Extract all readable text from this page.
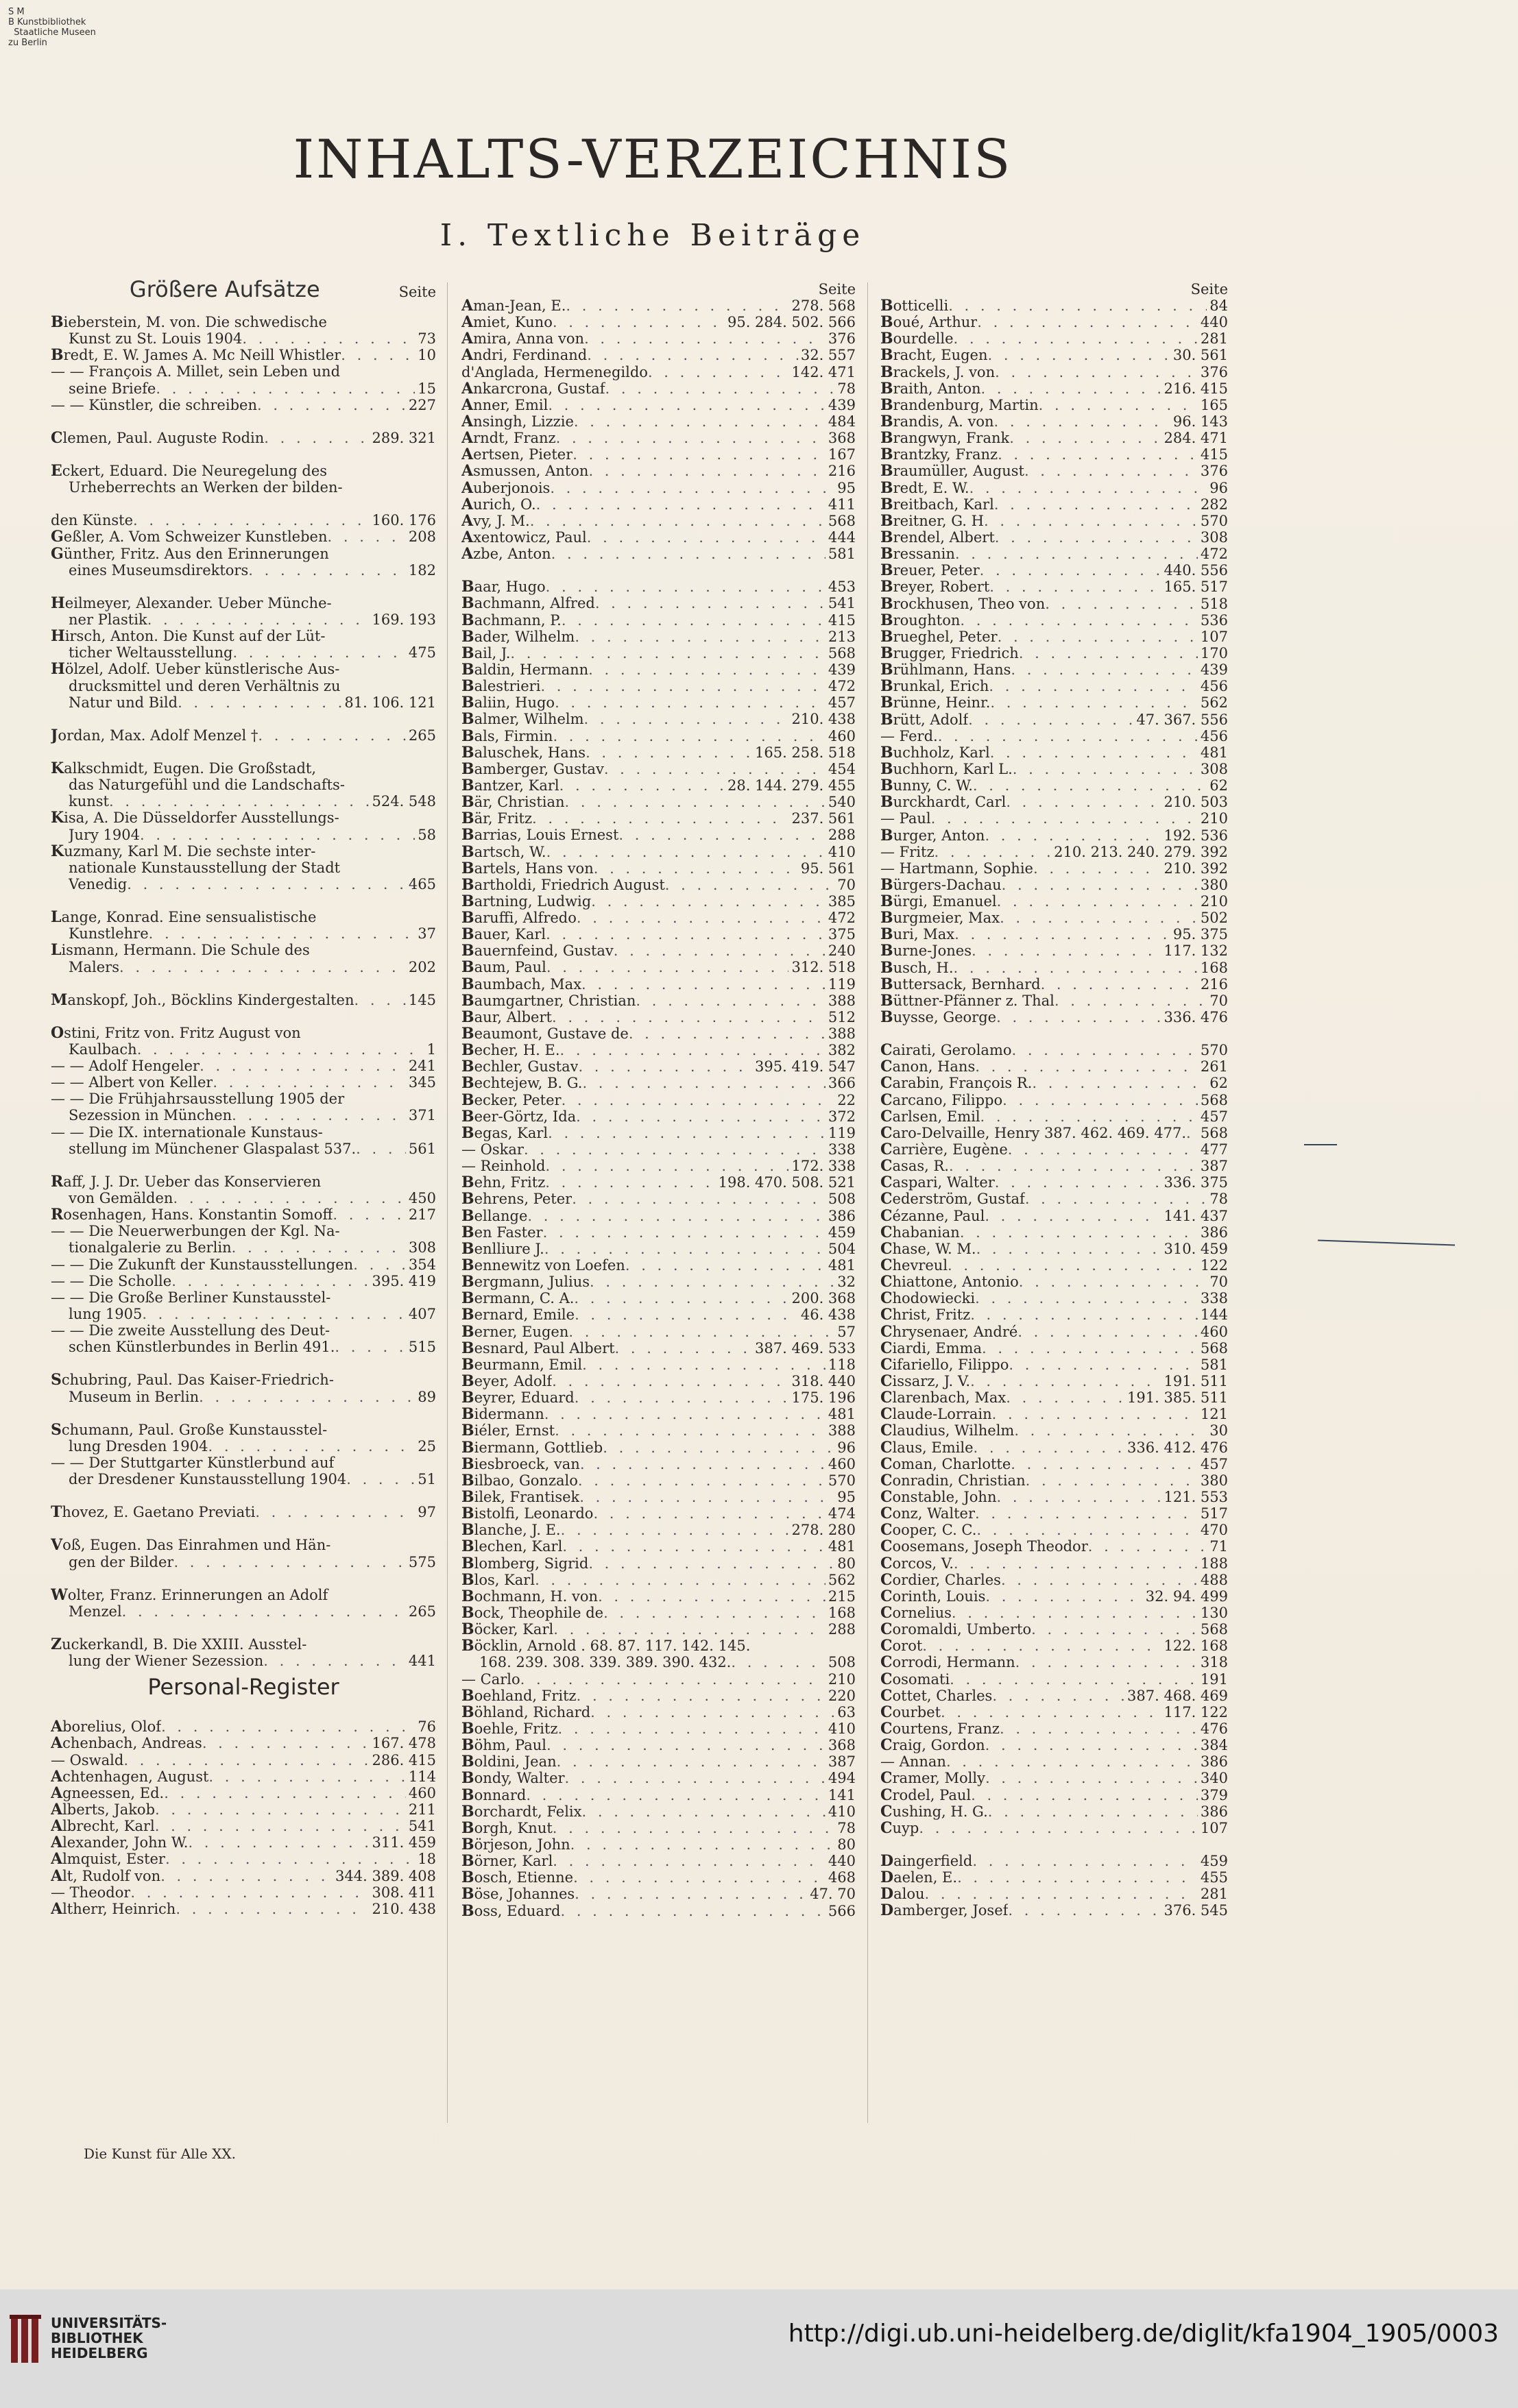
S M
B Kunstbibliothek
Staatliche Museen
zu Berlin
INHALTS-VERZEICHNIS
I. Textliche Beiträge
Größere Aufsätze	Seite
Bieberstein, M. von. Die schwedische
Kunst zu St. Louis 1904 . . .	73
Bredt, E. W. James A. Mc Neill Whistler . . .	10
— — François A. Millet, sein Leben und
seine Briefe . . .	15
— — Künstler, die schreiben . . .	227
Clemen, Paul. Auguste Rodin . . .	289. 321
Eckert, Eduard. Die Neuregelung des
Urheberrechts an Werken der bilden-
den Künste . . .	160. 176
Geßler, A. Vom Schweizer Kunstleben . . .	208
Günther, Fritz. Aus den Erinnerungen
eines Museumsdirektors . . .	182
Heilmeyer, Alexander. Ueber Münche-
ner Plastik . . .	169. 193
Hirsch, Anton. Die Kunst auf der Lüt-
ticher Weltausstellung . . .	475
Hölzel, Adolf. Ueber künstlerische Aus-
drucksmittel und deren Verhältnis zu
Natur und Bild . . .	81. 106. 121
Jordan, Max. Adolf Menzel † . . .	265
Kalkschmidt, Eugen. Die Großstadt,
das Naturgefühl und die Landschafts-
kunst . . .	524. 548
Kisa, A. Die Düsseldorfer Ausstellungs-
Jury 1904 . . .	58
Kuzmany, Karl M. Die sechste inter-
nationale Kunstausstellung der Stadt
Venedig . . .	465
Lange, Konrad. Eine sensualistische
Kunstlehre . . .	37
Lismann, Hermann. Die Schule des
Malers . . .	202
Manskopf, Joh., Böcklins Kindergestalten . . .	145
Ostini, Fritz von. Fritz August von
Kaulbach . . .	1
— — Adolf Hengeler . . .	241
— — Albert von Keller . . .	345
— — Die Frühjahrsausstellung 1905 der
Sezession in München . . .	371
— — Die IX. internationale Kunstaus-
stellung im Münchener Glaspalast 537. . . .	561
Raff, J. J. Dr. Ueber das Konservieren
von Gemälden . . .	450
Rosenhagen, Hans. Konstantin Somoff . . .	217
— — Die Neuerwerbungen der Kgl. Na-
tionalgalerie zu Berlin . . .	308
— — Die Zukunft der Kunstausstellungen . . .	354
— — Die Scholle . . .	395. 419
— — Die Große Berliner Kunstausstel-
lung 1905 . . .	407
— — Die zweite Ausstellung des Deut-
schen Künstlerbundes in Berlin 491. . . .	515
Schubring, Paul. Das Kaiser-Friedrich-
Museum in Berlin . . .	89
Schumann, Paul. Große Kunstausstel-
lung Dresden 1904 . . .	25
— — Der Stuttgarter Künstlerbund auf
der Dresdener Kunstausstellung 1904 . . .	51
Thovez, E. Gaetano Previati . . .	97
Voß, Eugen. Das Einrahmen und Hän-
gen der Bilder . . .	575
Wolter, Franz. Erinnerungen an Adolf
Menzel . . .	265
Zuckerkandl, B. Die XXIII. Ausstel-
lung der Wiener Sezession . . .	441
Personal-Register
Aborelius, Olof . . .	76
Achenbach, Andreas . . .	167. 478
— Oswald . . .	286. 415
Achtenhagen, August . . .	114
Agneessen, Ed. . . .	460
Alberts, Jakob . . .	211
Albrecht, Karl . . .	541
Alexander, John W. . . .	311. 459
Almquist, Ester . . .	18
Alt, Rudolf von . . .	344. 389. 408
— Theodor . . .	308. 411
Altherr, Heinrich . . .	210. 438
Seite
Aman-Jean, E. . . .	278. 568
Amiet, Kuno . . .	95. 284. 502. 566
Amira, Anna von . . .	376
Andri, Ferdinand . . .	32. 557
d'Anglada, Hermenegildo . . .	142. 471
Ankarcrona, Gustaf . . .	78
Anner, Emil . . .	439
Ansingh, Lizzie . . .	484
Arndt, Franz . . .	368
Aertsen, Pieter . . .	167
Asmussen, Anton . . .	216
Auberjonois . . .	95
Aurich, O. . . .	411
Avy, J. M. . . .	568
Axentowicz, Paul . . .	444
Azbe, Anton . . .	581
Baar, Hugo . . .	453
Bachmann, Alfred . . .	541
Bachmann, P. . . .	415
Bader, Wilhelm . . .	213
Bail, J. . . .	568
Baldin, Hermann . . .	439
Balestrieri . . .	472
Baliin, Hugo . . .	457
Balmer, Wilhelm . . .	210. 438
Bals, Firmin . . .	460
Baluschek, Hans . . .	165. 258. 518
Bamberger, Gustav . . .	454
Bantzer, Karl . . .	28. 144. 279. 455
Bär, Christian . . .	540
Bär, Fritz . . .	237. 561
Barrias, Louis Ernest . . .	288
Bartsch, W. . . .	410
Bartels, Hans von . . .	95. 561
Bartholdi, Friedrich August . . .	70
Bartning, Ludwig . . .	385
Baruffi, Alfredo . . .	472
Bauer, Karl . . .	375
Bauernfeind, Gustav . . .	240
Baum, Paul . . .	312. 518
Baumbach, Max . . .	119
Baumgartner, Christian . . .	388
Baur, Albert . . .	512
Beaumont, Gustave de . . .	388
Becher, H. E. . . .	382
Bechler, Gustav . . .	395. 419. 547
Bechtejew, B. G. . . .	366
Becker, Peter . . .	22
Beer-Görtz, Ida . . .	372
Begas, Karl . . .	119
— Oskar . . .	338
— Reinhold . . .	172. 338
Behn, Fritz . . .	198. 470. 508. 521
Behrens, Peter . . .	508
Bellange . . .	386
Ben Faster . . .	459
Benlliure J. . . .	504
Bennewitz von Loefen . . .	481
Bergmann, Julius . . .	32
Bermann, C. A. . . .	200. 368
Bernard, Emile . . .	46. 438
Berner, Eugen . . .	57
Besnard, Paul Albert . . .	387. 469. 533
Beurmann, Emil . . .	118
Beyer, Adolf . . .	318. 440
Beyrer, Eduard . . .	175. 196
Bidermann . . .	481
Biéler, Ernst . . .	388
Biermann, Gottlieb . . .	96
Biesbroeck, van . . .	460
Bilbao, Gonzalo . . .	570
Bilek, Frantisek . . .	95
Bistolfi, Leonardo . . .	474
Blanche, J. E. . . .	278. 280
Blechen, Karl . . .	481
Blomberg, Sigrid . . .	80
Blos, Karl . . .	562
Bochmann, H. von . . .	215
Bock, Theophile de . . .	168
Böcker, Karl . . .	288
Böcklin, Arnold . 68. 87. 117. 142. 145.
168. 239. 308. 339. 389. 390. 432. . . .	508
— Carlo . . .	210
Boehland, Fritz . . .	220
Böhland, Richard . . .	63
Boehle, Fritz . . .	410
Böhm, Paul . . .	368
Boldini, Jean . . .	387
Bondy, Walter . . .	494
Bonnard . . .	141
Borchardt, Felix . . .	410
Borgh, Knut . . .	78
Börjeson, John . . .	80
Börner, Karl . . .	440
Bosch, Etienne . . .	468
Böse, Johannes . . .	47. 70
Boss, Eduard . . .	566
Seite
Botticelli . . .	84
Boué, Arthur . . .	440
Bourdelle . . .	281
Bracht, Eugen . . .	30. 561
Brackels, J. von . . .	376
Braith, Anton . . .	216. 415
Brandenburg, Martin . . .	165
Brandis, A. von . . .	96. 143
Brangwyn, Frank . . .	284. 471
Brantzky, Franz . . .	415
Braumüller, August . . .	376
Bredt, E. W. . . .	96
Breitbach, Karl . . .	282
Breitner, G. H . . .	570
Brendel, Albert . . .	308
Bressanin . . .	472
Breuer, Peter . . .	440. 556
Breyer, Robert . . .	165. 517
Brockhusen, Theo von . . .	518
Broughton . . .	536
Brueghel, Peter . . .	107
Brugger, Friedrich . . .	170
Brühlmann, Hans . . .	439
Brunkal, Erich . . .	456
Brünne, Heinr. . . .	562
Brütt, Adolf . . .	47. 367. 556
— Ferd. . . .	456
Buchholz, Karl . . .	481
Buchhorn, Karl L. . . .	308
Bunny, C. W. . . .	62
Burckhardt, Carl . . .	210. 503
— Paul . . .	210
Burger, Anton . . .	192. 536
— Fritz . . .	210. 213. 240. 279. 392
— Hartmann, Sophie . . .	210. 392
Bürgers-Dachau . . .	380
Bürgi, Emanuel . . .	210
Burgmeier, Max . . .	502
Buri, Max . . .	95. 375
Burne-Jones . . .	117. 132
Busch, H. . . .	168
Buttersack, Bernhard . . .	216
Büttner-Pfänner z. Thal . . .	70
Buysse, George . . .	336. 476
Cairati, Gerolamo . . .	570
Canon, Hans . . .	261
Carabin, François R. . . .	62
Carcano, Filippo . . .	568
Carlsen, Emil . . .	457
Caro-Delvaille, Henry 387. 462. 469. 477. . . . 568
Carrière, Eugène . . .	477
Casas, R. . . .	387
Caspari, Walter . . .	336. 375
Cederström, Gustaf . . .	78
Cézanne, Paul . . .	141. 437
Chabanian . . .	386
Chase, W. M. . . .	310. 459
Chevreul . . .	122
Chiattone, Antonio . . .	70
Chodowiecki . . .	338
Christ, Fritz . . .	144
Chrysenaer, André . . .	460
Ciardi, Emma . . .	568
Cifariello, Filippo . . .	581
Cissarz, J. V. . . .	191. 511
Clarenbach, Max . . .	191. 385. 511
Claude-Lorrain . . .	121
Claudius, Wilhelm . . .	30
Claus, Emile . . .	336. 412. 476
Coman, Charlotte . . .	457
Conradin, Christian . . .	380
Constable, John . . .	121. 553
Conz, Walter . . .	517
Cooper, C. C. . . .	470
Coosemans, Joseph Theodor . . .	71
Corcos, V. . . .	188
Cordier, Charles . . .	488
Corinth, Louis . . .	32. 94. 499
Cornelius . . .	130
Coromaldi, Umberto . . .	568
Corot . . .	122. 168
Corrodi, Hermann . . .	318
Cosomati . . .	191
Cottet, Charles . . .	387. 468. 469
Courbet . . .	117. 122
Courtens, Franz . . .	476
Craig, Gordon . . .	384
— Annan . . .	386
Cramer, Molly . . .	340
Crodel, Paul . . .	379
Cushing, H. G. . . .	386
Cuyp . . .	107
Daingerfield . . .	459
Daelen, E. . . .	455
Dalou . . .	281
Damberger, Josef . . .	376. 545
Die Kunst für Alle XX.
UNIVERSITÄTS-
BIBLIOTHEK
HEIDELBERG
http://digi.ub.uni-heidelberg.de/diglit/kfa1904_1905/0003
